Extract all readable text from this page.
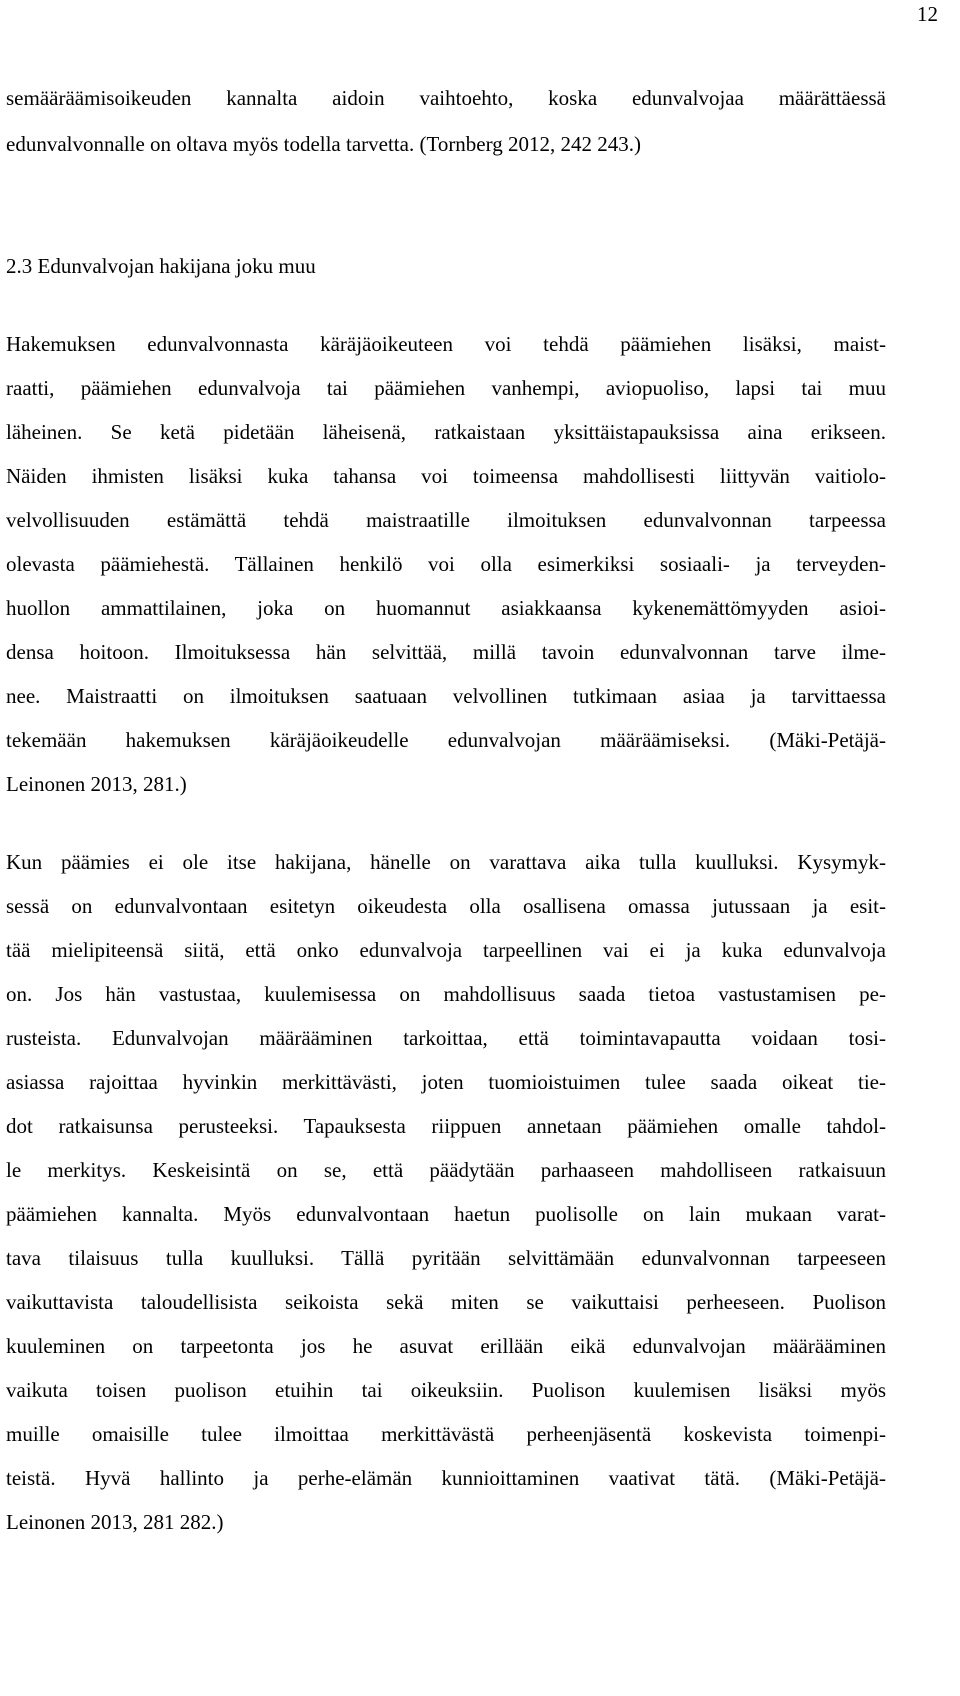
12
semääräämisoikeuden kannalta aidoin vaihtoehto, koska edunvalvojaa määrättäessä
edunvalvonnalle on oltava myös todella tarvetta. (Tornberg 2012, 242 243.)
2.3 Edunvalvojan hakijana joku muu
Hakemuksen edunvalvonnasta käräjäoikeuteen voi tehdä päämiehen lisäksi, maist-
raatti, päämiehen edunvalvoja tai päämiehen vanhempi, aviopuoliso, lapsi tai muu
läheinen. Se ketä pidetään läheisenä, ratkaistaan yksittäistapauksissa aina erikseen.
Näiden ihmisten lisäksi kuka tahansa voi toimeensa mahdollisesti liittyvän vaitiolo-
velvollisuuden estämättä tehdä maistraatille ilmoituksen edunvalvonnan tarpeessa
olevasta päämiehestä. Tällainen henkilö voi olla esimerkiksi sosiaali- ja terveyden-
huollon ammattilainen, joka on huomannut asiakkaansa kykenemättömyyden asioi-
densa hoitoon. Ilmoituksessa hän selvittää, millä tavoin edunvalvonnan tarve ilme-
nee. Maistraatti on ilmoituksen saatuaan velvollinen tutkimaan asiaa ja tarvittaessa
tekemään hakemuksen käräjäoikeudelle edunvalvojan määräämiseksi. (Mäki-Petäjä-
Leinonen 2013, 281.)
Kun päämies ei ole itse hakijana, hänelle on varattava aika tulla kuulluksi. Kysymyk-
sessä on edunvalvontaan esitetyn oikeudesta olla osallisena omassa jutussaan ja esit-
tää mielipiteensä siitä, että onko edunvalvoja tarpeellinen vai ei ja kuka edunvalvoja
on. Jos hän vastustaa, kuulemisessa on mahdollisuus saada tietoa vastustamisen pe-
rusteista. Edunvalvojan määrääminen tarkoittaa, että toimintavapautta voidaan tosi-
asiassa rajoittaa hyvinkin merkittävästi, joten tuomioistuimen tulee saada oikeat tie-
dot ratkaisunsa perusteeksi. Tapauksesta riippuen annetaan päämiehen omalle tahdol-
le merkitys. Keskeisintä on se, että päädytään parhaaseen mahdolliseen ratkaisuun
päämiehen kannalta. Myös edunvalvontaan haetun puolisolle on lain mukaan varat-
tava tilaisuus tulla kuulluksi. Tällä pyritään selvittämään edunvalvonnan tarpeeseen
vaikuttavista taloudellisista seikoista sekä miten se vaikuttaisi perheeseen. Puolison
kuuleminen on tarpeetonta jos he asuvat erillään eikä edunvalvojan määrääminen
vaikuta toisen puolison etuihin tai oikeuksiin. Puolison kuulemisen lisäksi myös
muille omaisille tulee ilmoittaa merkittävästä perheenjäsentä koskevista toimenpi-
teistä. Hyvä hallinto ja perhe-elämän kunnioittaminen vaativat tätä. (Mäki-Petäjä-
Leinonen 2013, 281 282.)
